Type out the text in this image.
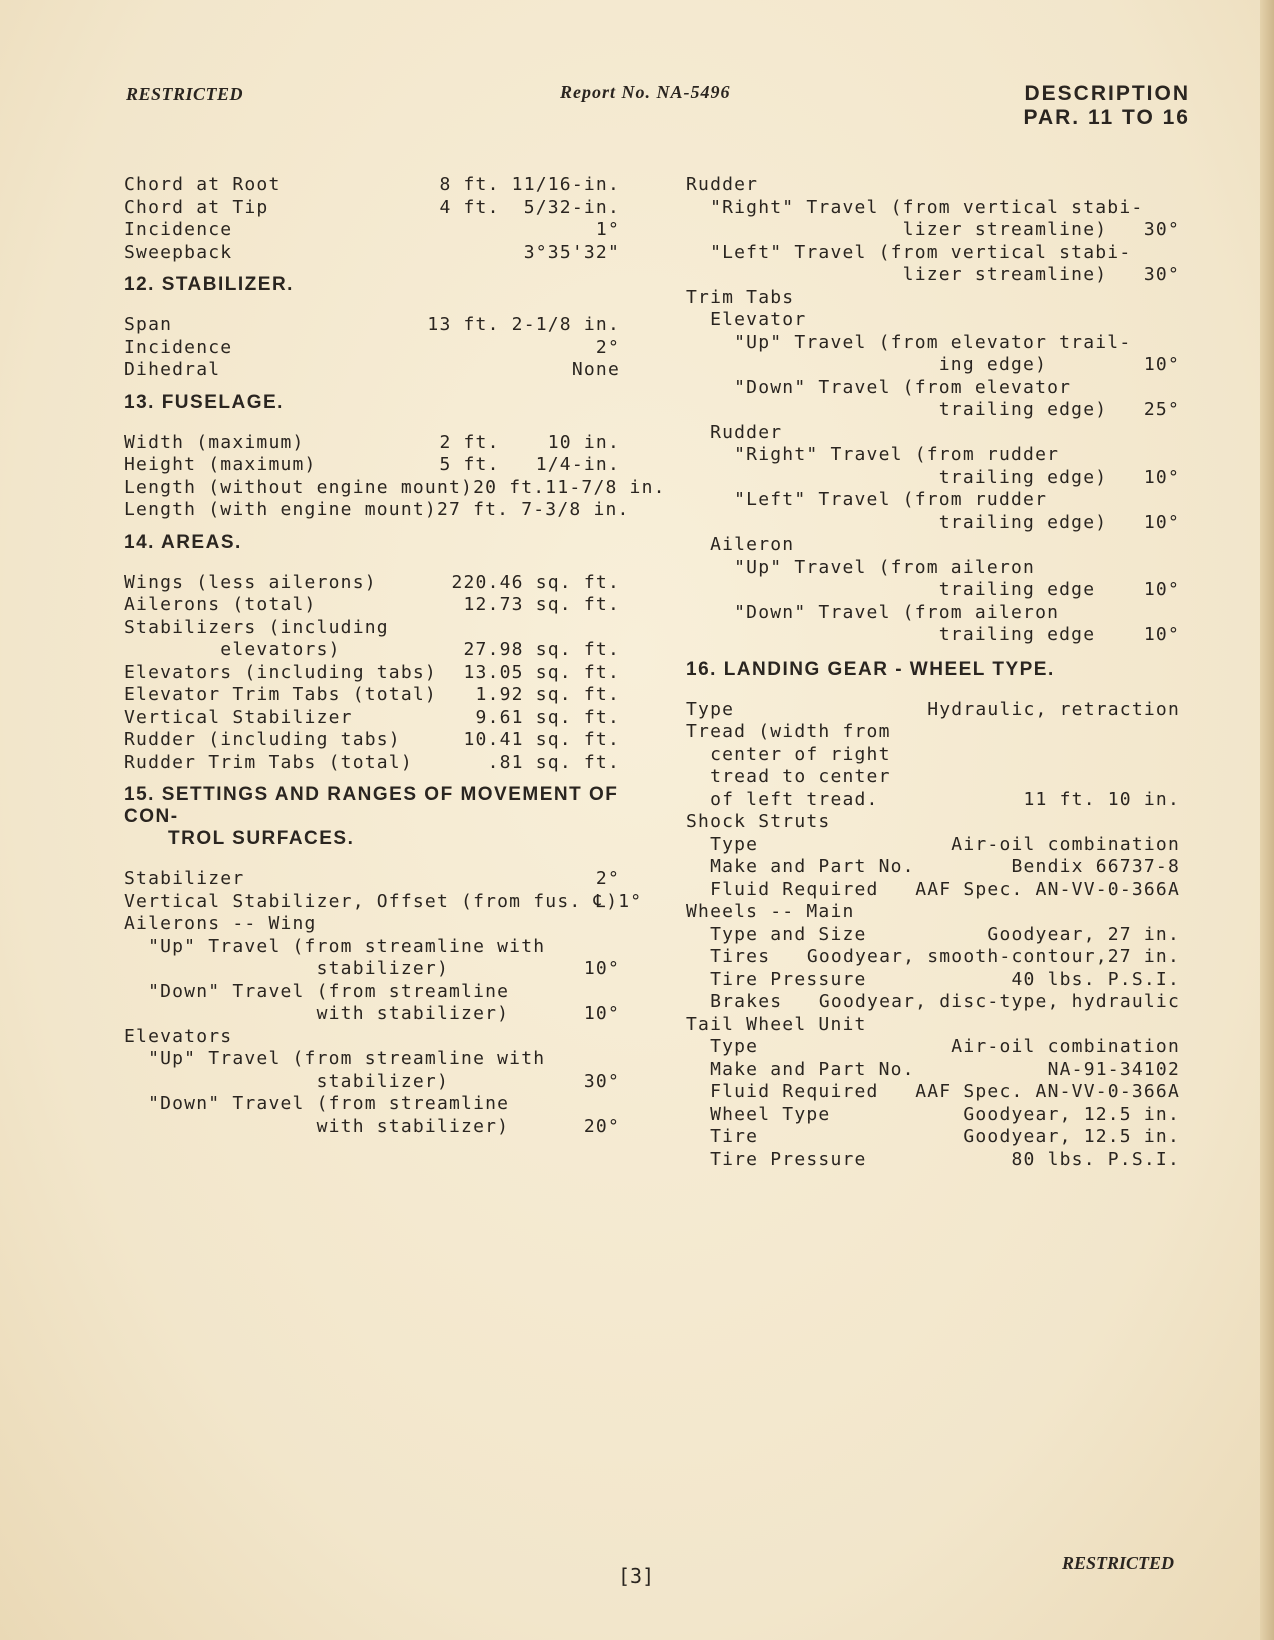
RESTRICTED	Report No. NA-5496	DESCRIPTION
PAR. 11 TO 16
Chord at Root	8 ft. 11/16-in.
Chord at Tip	4 ft.  5/32-in.
Incidence	1°
Sweepback	3°35'32"
12. STABILIZER.
Span	13 ft. 2-1/8 in.
Incidence	2°
Dihedral	None
13. FUSELAGE.
Width (maximum)	2 ft.    10 in.
Height (maximum)	5 ft.   1/4-in.
Length (without engine mount) 20 ft.11-7/8 in.
Length (with engine mount) 27 ft. 7-3/8 in.
14. AREAS.
Wings (less ailerons)	220.46 sq. ft.
Ailerons (total)	12.73 sq. ft.
Stabilizers (including
elevators)	27.98 sq. ft.
Elevators (including tabs) 13.05 sq. ft.
Elevator Trim Tabs (total) 1.92 sq. ft.
Vertical Stabilizer	9.61 sq. ft.
Rudder (including tabs)	10.41 sq. ft.
Rudder Trim Tabs (total)	.81 sq. ft.
15. SETTINGS AND RANGES OF MOVEMENT OF CON-
TROL SURFACES.
Stabilizer	2°
Vertical Stabilizer, Offset (from fus. ℄) 1°
Ailerons -- Wing
"Up" Travel (from streamline with
stabilizer)	10°
"Down" Travel (from streamline
with stabilizer)	10°
Elevators
"Up" Travel (from streamline with
stabilizer)	30°
"Down" Travel (from streamline
with stabilizer)	20°
Rudder
"Right" Travel (from vertical stabi-
lizer streamline) 30°
"Left" Travel (from vertical stabi-
lizer streamline) 30°
Trim Tabs
Elevator
"Up" Travel (from elevator trail-
ing edge)	10°
"Down" Travel (from elevator
trailing edge) 25°
Rudder
"Right" Travel (from rudder
trailing edge) 10°
"Left" Travel (from rudder
trailing edge) 10°
Aileron
"Up" Travel (from aileron
trailing edge	10°
"Down" Travel (from aileron
trailing edge	10°
16. LANDING GEAR - WHEEL TYPE.
Type	Hydraulic, retraction
Tread (width from
center of right
tread to center
of left tread.	11 ft. 10 in.
Shock Struts
Type	Air-oil combination
Make and Part No.	Bendix 66737-8
Fluid Required AAF Spec. AN-VV-0-366A
Wheels -- Main
Type and Size	Goodyear, 27 in.
Tires Goodyear, smooth-contour,27 in.
Tire Pressure	40 lbs. P.S.I.
Brakes Goodyear, disc-type, hydraulic
Tail Wheel Unit
Type	Air-oil combination
Make and Part No.	NA-91-34102
Fluid Required AAF Spec. AN-VV-0-366A
Wheel Type	Goodyear, 12.5 in.
Tire	Goodyear, 12.5 in.
Tire Pressure	80 lbs. P.S.I.
RESTRICTED
[3]
